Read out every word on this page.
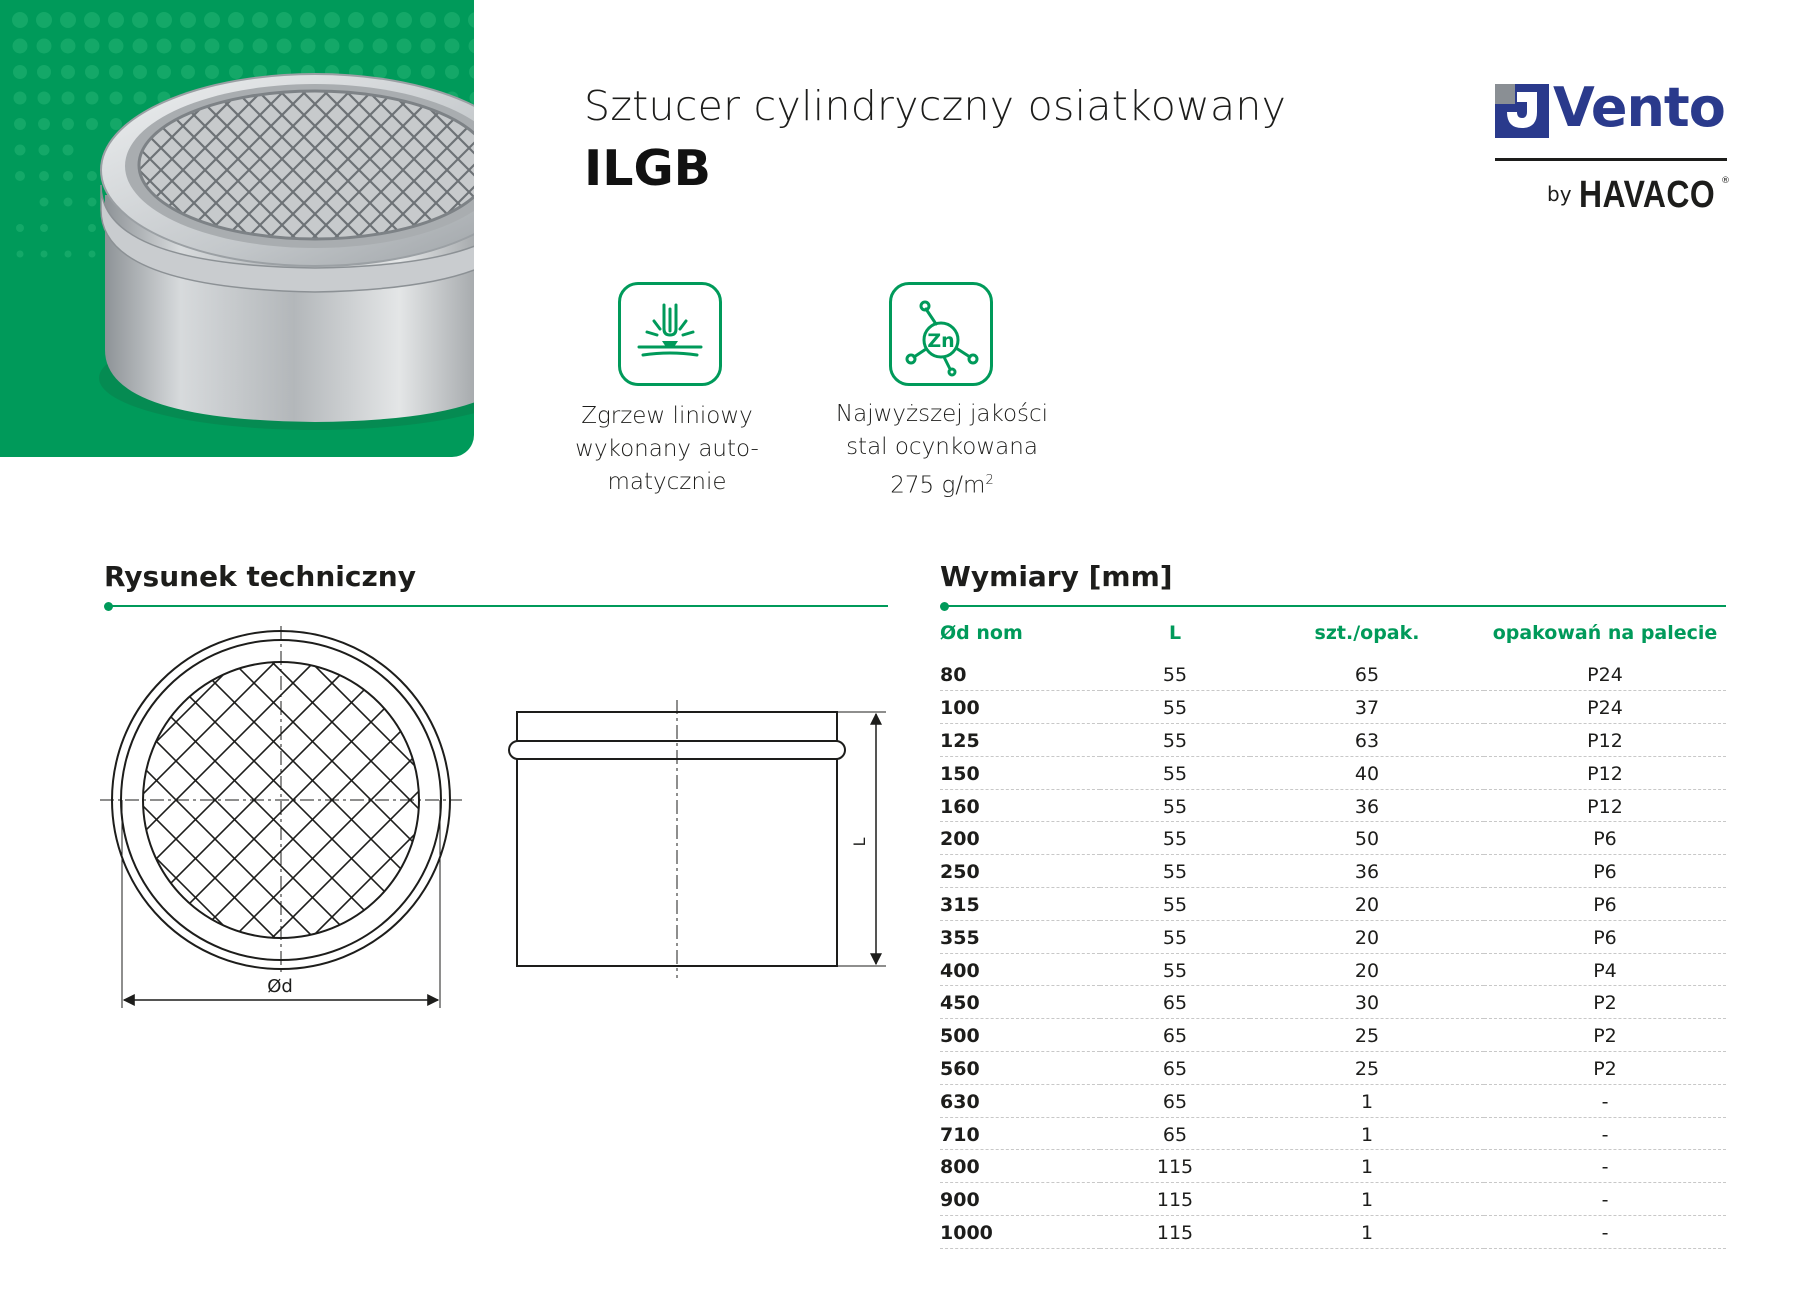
Sztucer cylindryczny osiatkowany
ILGB
Vento
by HAVACO ®
Zgrzew liniowy
wykonany auto-
matycznie
Zn
Najwyższej jakości
stal ocynkowana
275 $g/m^2$
Rysunek techniczny
Ød
L
Wymiary [mm]
Ød nom	L	szt./opak.	opakowań na palecie
80	55	65	P24
100	55	37	P24
125	55	63	P12
150	55	40	P12
160	55	36	P12
200	55	50	P6
250	55	36	P6
315	55	20	P6
355	55	20	P6
400	55	20	P4
450	65	30	P2
500	65	25	P2
560	65	25	P2
630	65	1	-
710	65	1	-
800	115	1	-
900	115	1	-
1000	115	1	-
